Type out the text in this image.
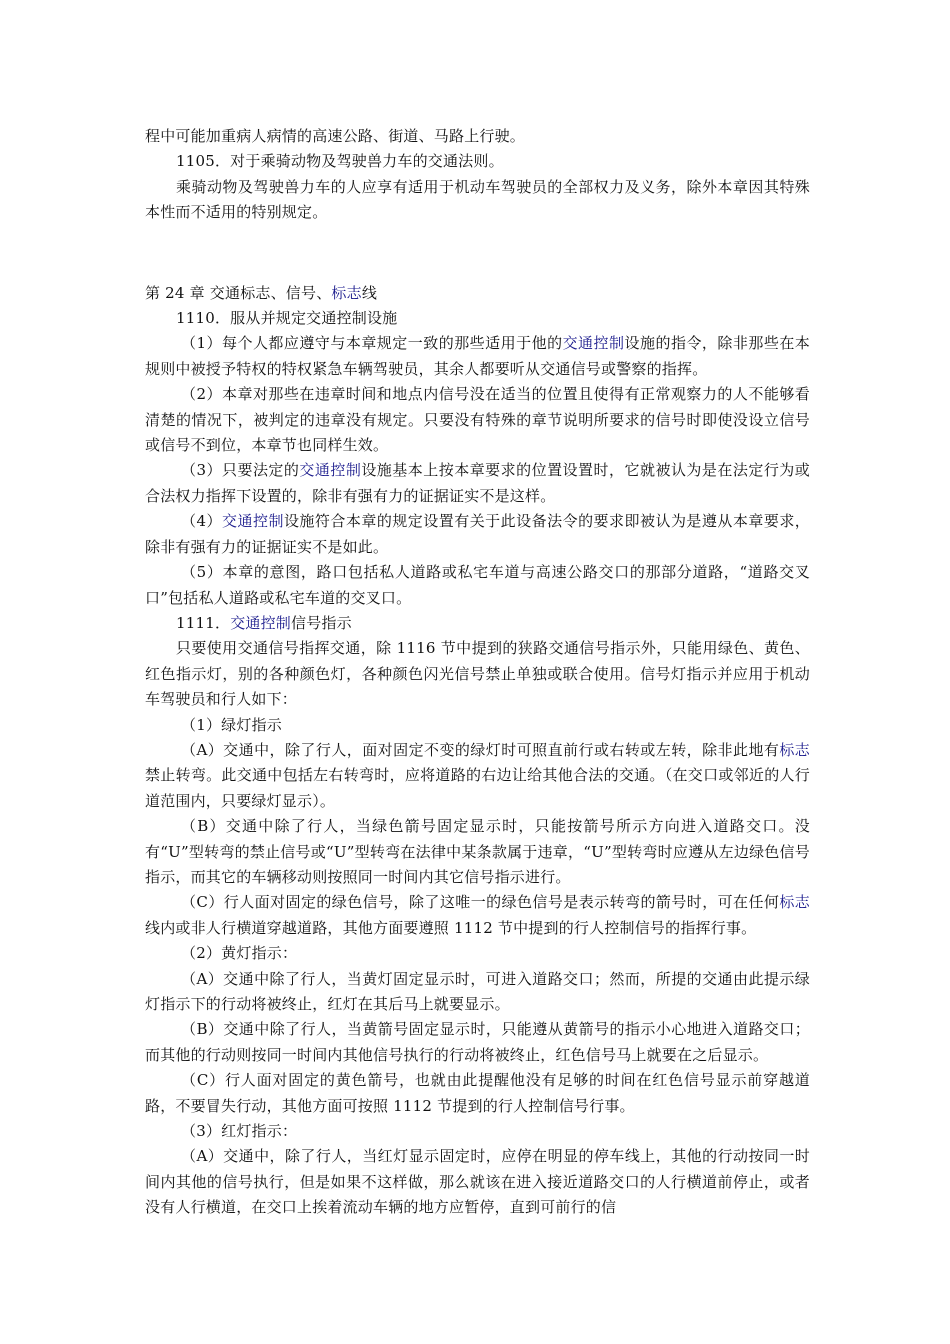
程中可能加重病人病情的高速公路、街道、马路上行驶。

1105．对于乘骑动物及驾驶兽力车的交通法则。

乘骑动物及驾驶兽力车的人应享有适用于机动车驾驶员的全部权力及义务，除外本章因其特殊本性而不适用的特别规定。

第 24 章 交通标志、信号、标志线

1110．服从并规定交通控制设施

（1）每个人都应遵守与本章规定一致的那些适用于他的交通控制设施的指令，除非那些在本规则中被授予特权的特权紧急车辆驾驶员，其余人都要听从交通信号或警察的指挥。

（2）本章对那些在违章时间和地点内信号没在适当的位置且使得有正常观察力的人不能够看清楚的情况下，被判定的违章没有规定。只要没有特殊的章节说明所要求的信号时即使没设立信号或信号不到位，本章节也同样生效。

（3）只要法定的交通控制设施基本上按本章要求的位置设置时，它就被认为是在法定行为或合法权力指挥下设置的，除非有强有力的证据证实不是这样。

（4）交通控制设施符合本章的规定设置有关于此设备法令的要求即被认为是遵从本章要求，除非有强有力的证据证实不是如此。

（5）本章的意图，路口包括私人道路或私宅车道与高速公路交口的那部分道路，“道路交叉口”包括私人道路或私宅车道的交叉口。

1111．交通控制信号指示

只要使用交通信号指挥交通，除 1116 节中提到的狭路交通信号指示外，只能用绿色、黄色、红色指示灯，别的各种颜色灯，各种颜色闪光信号禁止单独或联合使用。信号灯指示并应用于机动车驾驶员和行人如下：

（1）绿灯指示

（A）交通中，除了行人，面对固定不变的绿灯时可照直前行或右转或左转，除非此地有标志禁止转弯。此交通中包括左右转弯时，应将道路的右边让给其他合法的交通。（在交口或邻近的人行道范围内，只要绿灯显示）。

（B）交通中除了行人，当绿色箭号固定显示时，只能按箭号所示方向进入道路交口。没有“U”型转弯的禁止信号或“U”型转弯在法律中某条款属于违章，“U”型转弯时应遵从左边绿色信号指示，而其它的车辆移动则按照同一时间内其它信号指示进行。

（C）行人面对固定的绿色信号，除了这唯一的绿色信号是表示转弯的箭号时，可在任何标志线内或非人行横道穿越道路，其他方面要遵照 1112 节中提到的行人控制信号的指挥行事。

（2）黄灯指示：

（A）交通中除了行人，当黄灯固定显示时，可进入道路交口；然而，所提的交通由此提示绿灯指示下的行动将被终止，红灯在其后马上就要显示。

（B）交通中除了行人，当黄箭号固定显示时，只能遵从黄箭号的指示小心地进入道路交口；而其他的行动则按同一时间内其他信号执行的行动将被终止，红色信号马上就要在之后显示。

（C）行人面对固定的黄色箭号，也就由此提醒他没有足够的时间在红色信号显示前穿越道路，不要冒失行动，其他方面可按照 1112 节提到的行人控制信号行事。

（3）红灯指示：

（A）交通中，除了行人，当红灯显示固定时，应停在明显的停车线上，其他的行动按同一时间内其他的信号执行，但是如果不这样做，那么就该在进入接近道路交口的人行横道前停止，或者没有人行横道，在交口上挨着流动车辆的地方应暂停，直到可前行的信
